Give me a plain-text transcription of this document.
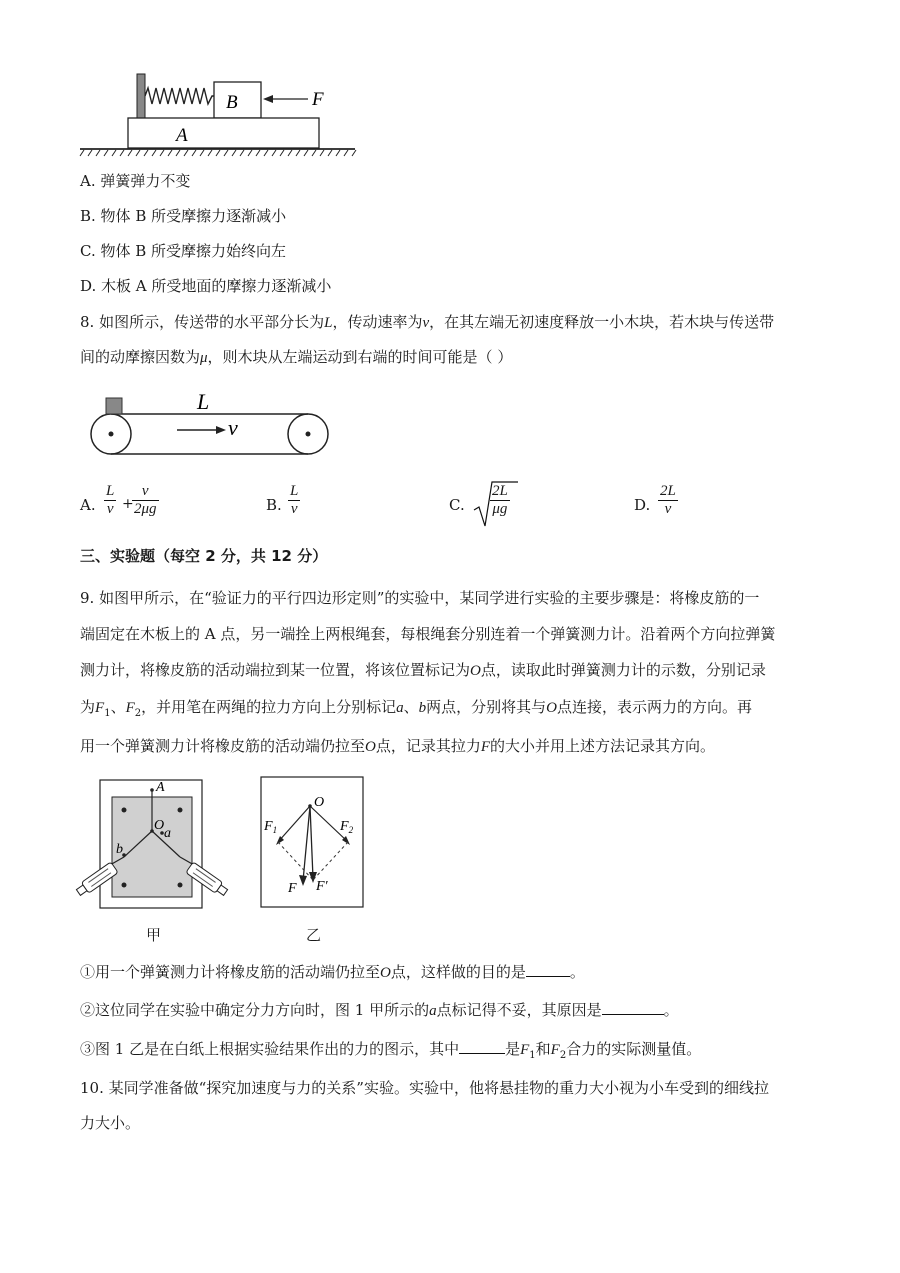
B
A
F
A. 弹簧弹力不变
B. 物体 B 所受摩擦力逐渐减小
C. 物体 B 所受摩擦力始终向左
D. 木板 A 所受地面的摩擦力逐渐减小
8. 如图所示，传送带的水平部分长为L，传动速率为v，在其左端无初速度释放一小木块，若木块与传送带
间的动摩擦因数为μ，则木块从左端运动到右端的时间可能是（ ）
L
v
A.
L
v +
v
2μg	B.
L
v	C.
2L
μg	D.
2L
v
三、实验题（每空 2 分，共 12 分）
9. 如图甲所示，在“验证力的平行四边形定则”的实验中，某同学进行实验的主要步骤是：将橡皮筋的一
端固定在木板上的 A 点，另一端拴上两根绳套，每根绳套分别连着一个弹簧测力计。沿着两个方向拉弹簧
测力计，将橡皮筋的活动端拉到某一位置，将该位置标记为O点，读取此时弹簧测力计的示数，分别记录
为$F_1$、$F_2$，并用笔在两绳的拉力方向上分别标记a、b两点，分别将其与O点连接，表示两力的方向。再
用一个弹簧测力计将橡皮筋的活动端仍拉至O点，记录其拉力F的大小并用上述方法记录其方向。
A
O
a
b
甲
O
$F_1$	$F_2$
F F′
乙
①用一个弹簧测力计将橡皮筋的活动端仍拉至O点，这样做的目的是	。
②这位同学在实验中确定分力方向时，图 1 甲所示的a点标记得不妥，其原因是	。
③图 1 乙是在白纸上根据实验结果作出的力的图示，其中	是$F_1$和$F_2$合力的实际测量值。
10. 某同学准备做“探究加速度与力的关系”实验。实验中，他将悬挂物的重力大小视为小车受到的细线拉
力大小。
